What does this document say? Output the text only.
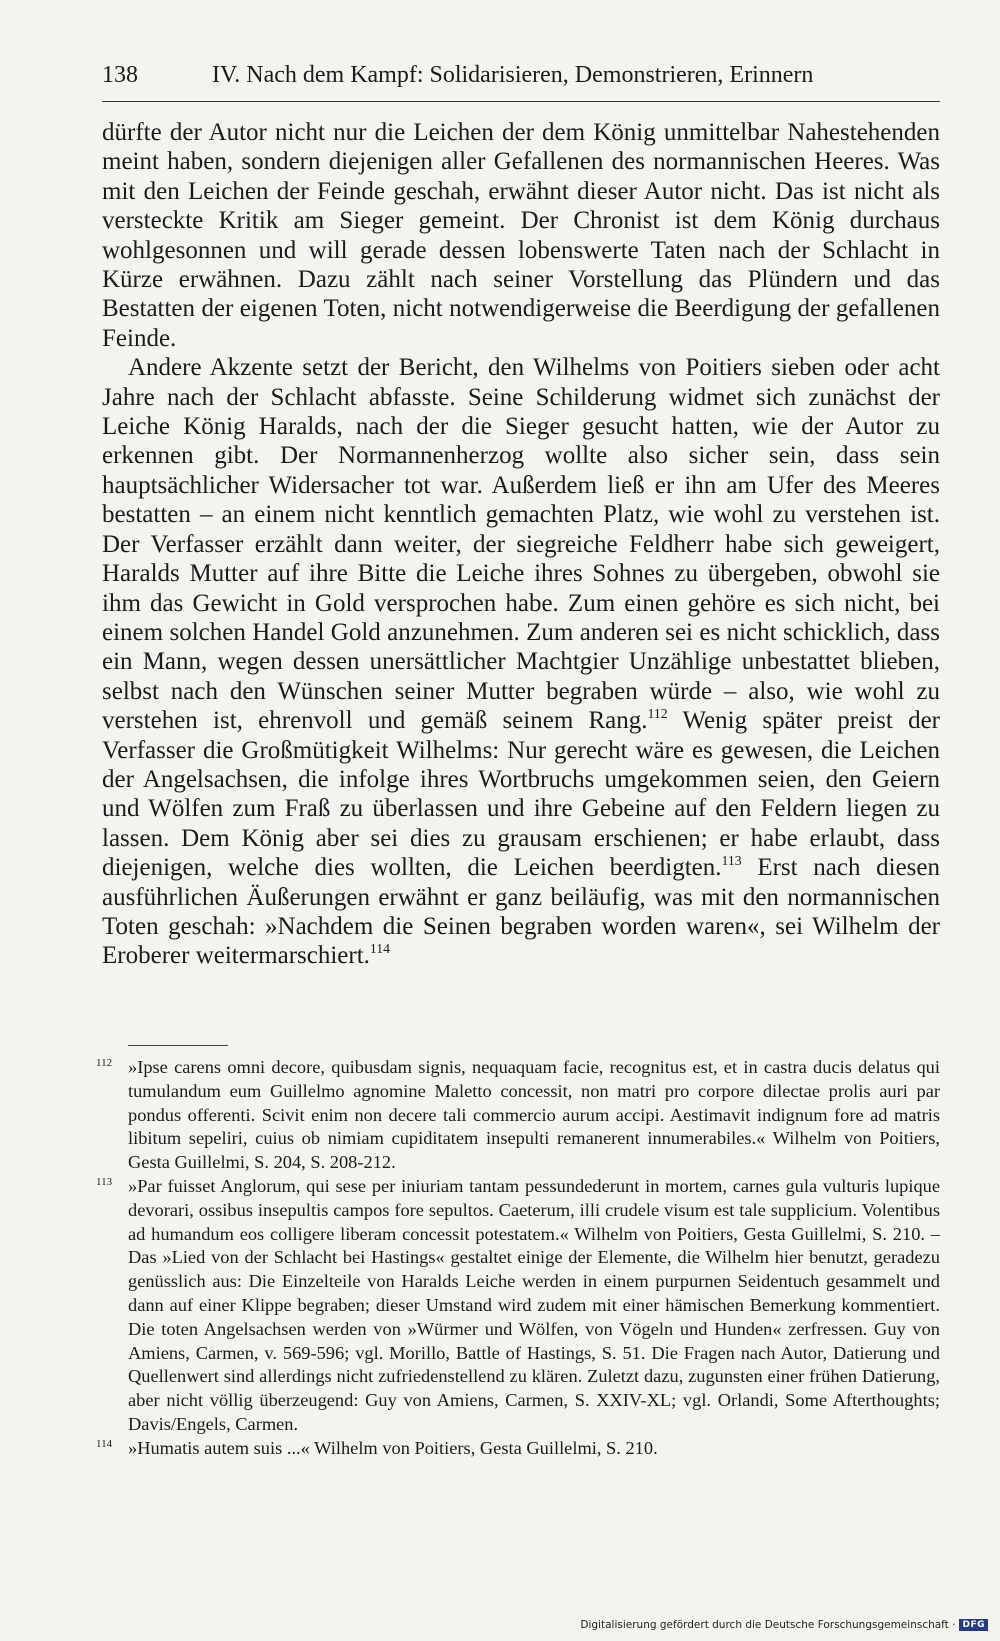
138	IV. Nach dem Kampf: Solidarisieren, Demonstrieren, Erinnern

dürfte der Autor nicht nur die Leichen der dem König unmittelbar Nahestehenden meint haben, sondern diejenigen aller Gefallenen des normannischen Heeres. Was mit den Leichen der Feinde geschah, erwähnt dieser Autor nicht. Das ist nicht als versteckte Kritik am Sieger gemeint. Der Chronist ist dem König durchaus wohlgesonnen und will gerade dessen lobenswerte Taten nach der Schlacht in Kürze erwähnen. Dazu zählt nach seiner Vorstellung das Plündern und das Bestatten der eigenen Toten, nicht notwendigerweise die Beerdigung der gefallenen Feinde.

Andere Akzente setzt der Bericht, den Wilhelms von Poitiers sieben oder acht Jahre nach der Schlacht abfasste. Seine Schilderung widmet sich zunächst der Leiche König Haralds, nach der die Sieger gesucht hatten, wie der Autor zu erkennen gibt. Der Normannenherzog wollte also sicher sein, dass sein hauptsächlicher Widersacher tot war. Außerdem ließ er ihn am Ufer des Meeres bestatten – an einem nicht kenntlich gemachten Platz, wie wohl zu verstehen ist. Der Verfasser erzählt dann weiter, der siegreiche Feldherr habe sich geweigert, Haralds Mutter auf ihre Bitte die Leiche ihres Sohnes zu übergeben, obwohl sie ihm das Gewicht in Gold versprochen habe. Zum einen gehöre es sich nicht, bei einem solchen Handel Gold anzunehmen. Zum anderen sei es nicht schicklich, dass ein Mann, wegen dessen unersättlicher Machtgier Unzählige unbestattet blieben, selbst nach den Wünschen seiner Mutter begraben würde – also, wie wohl zu verstehen ist, ehrenvoll und gemäß seinem Rang.$^{112}$ Wenig später preist der Verfasser die Großmütigkeit Wilhelms: Nur gerecht wäre es gewesen, die Leichen der Angelsachsen, die infolge ihres Wortbruchs umgekommen seien, den Geiern und Wölfen zum Fraß zu überlassen und ihre Gebeine auf den Feldern liegen zu lassen. Dem König aber sei dies zu grausam erschienen; er habe erlaubt, dass diejenigen, welche dies wollten, die Leichen beerdigten.$^{113}$ Erst nach diesen ausführlichen Äußerungen erwähnt er ganz beiläufig, was mit den normannischen Toten geschah: »Nachdem die Seinen begraben worden waren«, sei Wilhelm der Eroberer weitermarschiert.$^{114}$

112 »Ipse carens omni decore, quibusdam signis, nequaquam facie, recognitus est, et in castra ducis delatus qui tumulandum eum Guillelmo agnomine Maletto concessit, non matri pro corpore dilectae prolis auri par pondus offerenti. Scivit enim non decere tali commercio aurum accipi. Aestimavit indignum fore ad matris libitum sepeliri, cuius ob nimiam cupiditatem insepulti remanerent innumerabiles.« Wilhelm von Poitiers, Gesta Guillelmi, S. 204, S. 208-212.

113 »Par fuisset Anglorum, qui sese per iniuriam tantam pessundederunt in mortem, carnes gula vulturis lupique devorari, ossibus insepultis campos fore sepultos. Caeterum, illi crudele visum est tale supplicium. Volentibus ad humandum eos colligere liberam concessit potestatem.« Wilhelm von Poitiers, Gesta Guillelmi, S. 210. – Das »Lied von der Schlacht bei Hastings« gestaltet einige der Elemente, die Wilhelm hier benutzt, geradezu genüsslich aus: Die Einzelteile von Haralds Leiche werden in einem purpurnen Seidentuch gesammelt und dann auf einer Klippe begraben; dieser Umstand wird zudem mit einer hämischen Bemerkung kommentiert. Die toten Angelsachsen werden von »Würmer und Wölfen, von Vögeln und Hunden« zerfressen. Guy von Amiens, Carmen, v. 569-596; vgl. Morillo, Battle of Hastings, S. 51. Die Fragen nach Autor, Datierung und Quellenwert sind allerdings nicht zufriedenstellend zu klären. Zuletzt dazu, zugunsten einer frühen Datierung, aber nicht völlig überzeugend: Guy von Amiens, Carmen, S. XXIV-XL; vgl. Orlandi, Some Afterthoughts; Davis/Engels, Carmen.

114 »Humatis autem suis ...« Wilhelm von Poitiers, Gesta Guillelmi, S. 210.

Digitalisierung gefördert durch die Deutsche Forschungsgemeinschaft · DFG
